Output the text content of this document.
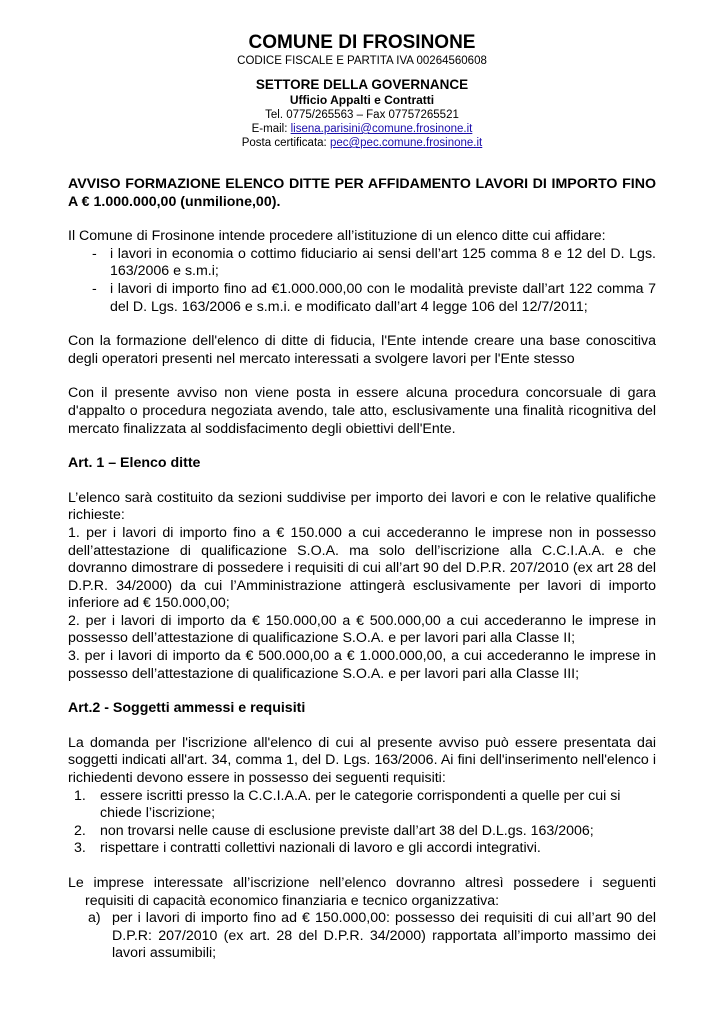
COMUNE DI FROSINONE
CODICE FISCALE E PARTITA IVA 00264560608
SETTORE DELLA GOVERNANCE
Ufficio Appalti e Contratti
Tel. 0775/265563 – Fax 07757265521
E-mail: lisena.parisini@comune.frosinone.it
Posta certificata: pec@pec.comune.frosinone.it

AVVISO FORMAZIONE ELENCO DITTE PER AFFIDAMENTO LAVORI DI IMPORTO FINO A € 1.000.000,00 (unmilione,00).

Il Comune di Frosinone intende procedere all’istituzione di un elenco ditte cui affidare:

- i lavori in economia o cottimo fiduciario ai sensi dell’art 125 comma 8 e 12 del D. Lgs. 163/2006 e s.m.i;
- i lavori di importo fino ad €1.000.000,00 con le modalità previste dall’art 122 comma 7 del D. Lgs. 163/2006 e s.m.i. e modificato dall’art 4 legge 106 del 12/7/2011;

Con la formazione dell'elenco di ditte di fiducia, l'Ente intende creare una base conoscitiva degli operatori presenti nel mercato interessati a svolgere lavori per l'Ente stesso

Con il presente avviso non viene posta in essere alcuna procedura concorsuale di gara d'appalto o procedura negoziata avendo, tale atto, esclusivamente una finalità ricognitiva del mercato finalizzata al soddisfacimento degli obiettivi dell'Ente.

Art. 1 – Elenco ditte

L’elenco sarà costituito da sezioni suddivise per importo dei lavori e con le relative qualifiche richieste:

1. per i lavori di importo fino a € 150.000 a cui accederanno le imprese non in possesso dell’attestazione di qualificazione S.O.A. ma solo dell’iscrizione alla C.C.I.A.A. e che dovranno dimostrare di possedere i requisiti di cui all’art 90 del D.P.R. 207/2010 (ex art 28 del D.P.R. 34/2000) da cui l’Amministrazione attingerà esclusivamente per lavori di importo inferiore ad € 150.000,00;

2. per i lavori di importo da € 150.000,00 a € 500.000,00 a cui accederanno le imprese in possesso dell’attestazione di qualificazione S.O.A. e per lavori pari alla Classe II;

3. per i lavori di importo da € 500.000,00 a € 1.000.000,00, a cui accederanno le imprese in possesso dell’attestazione di qualificazione S.O.A. e per lavori pari alla Classe III;

Art.2 - Soggetti ammessi e requisiti

La domanda per l'iscrizione all'elenco di cui al presente avviso può essere presentata dai soggetti indicati all'art. 34, comma 1, del D. Lgs. 163/2006. Ai fini dell'inserimento nell'elenco i richiedenti devono essere in possesso dei seguenti requisiti:

1. essere iscritti presso la C.C.I.A.A. per le categorie corrispondenti a quelle per cui si chiede l’iscrizione;
2. non trovarsi nelle cause di esclusione previste dall’art 38 del D.L.gs. 163/2006;
3. rispettare i contratti collettivi nazionali di lavoro e gli accordi integrativi.

Le imprese interessate all’iscrizione nell’elenco dovranno altresì possedere i seguenti requisiti di capacità economico finanziaria e tecnico organizzativa:

a) per i lavori di importo fino ad € 150.000,00: possesso dei requisiti di cui all’art 90 del D.P.R: 207/2010 (ex art. 28 del D.P.R. 34/2000) rapportata all’importo massimo dei lavori assumibili;
